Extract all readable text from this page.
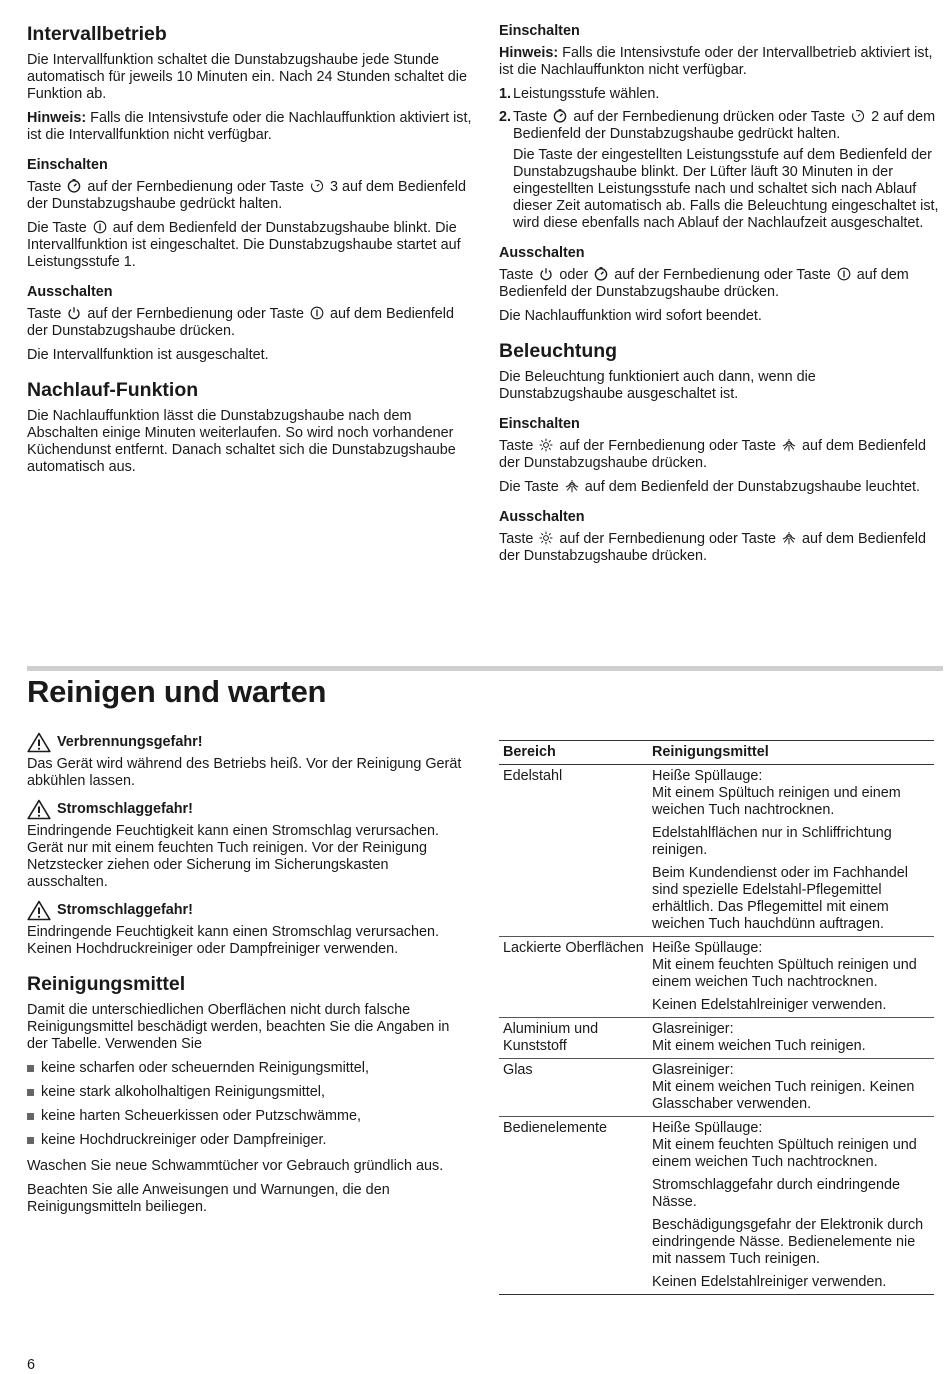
Intervallbetrieb

Die Intervallfunktion schaltet die Dunstabzugshaube jede Stunde automatisch für jeweils 10 Minuten ein. Nach 24 Stunden schaltet die Funktion ab.

Hinweis: Falls die Intensivstufe oder die Nachlauffunktion aktiviert ist, ist die Intervallfunktion nicht verfügbar.

Einschalten

Taste auf der Fernbedienung oder Taste 3 auf dem Bedienfeld der Dunstabzugshaube gedrückt halten.

Die Taste auf dem Bedienfeld der Dunstabzugshaube blinkt. Die Intervallfunktion ist eingeschaltet. Die Dunstabzugshaube startet auf Leistungsstufe 1.

Ausschalten

Taste auf der Fernbedienung oder Taste auf dem Bedienfeld der Dunstabzugshaube drücken.

Die Intervallfunktion ist ausgeschaltet.

Nachlauf-Funktion

Die Nachlauffunktion lässt die Dunstabzugshaube nach dem Abschalten einige Minuten weiterlaufen. So wird noch vorhandener Küchendunst entfernt. Danach schaltet sich die Dunstabzugshaube automatisch aus.

Einschalten

Hinweis: Falls die Intensivstufe oder der Intervallbetrieb aktiviert ist, ist die Nachlauffunkton nicht verfügbar.

1. Leistungsstufe wählen.
2. Taste auf der Fernbedienung drücken oder Taste 2 auf dem Bedienfeld der Dunstabzugshaube gedrückt halten.

Die Taste der eingestellten Leistungsstufe auf dem Bedienfeld der Dunstabzugshaube blinkt. Der Lüfter läuft 30 Minuten in der eingestellten Leistungsstufe nach und schaltet sich nach Ablauf dieser Zeit automatisch ab. Falls die Beleuchtung eingeschaltet ist, wird diese ebenfalls nach Ablauf der Nachlaufzeit ausgeschaltet.

Ausschalten

Taste oder auf der Fernbedienung oder Taste auf dem Bedienfeld der Dunstabzugshaube drücken.

Die Nachlauffunktion wird sofort beendet.

Beleuchtung

Die Beleuchtung funktioniert auch dann, wenn die Dunstabzugshaube ausgeschaltet ist.

Einschalten

Taste auf der Fernbedienung oder Taste auf dem Bedienfeld der Dunstabzugshaube drücken.

Die Taste auf dem Bedienfeld der Dunstabzugshaube leuchtet.

Ausschalten

Taste auf der Fernbedienung oder Taste auf dem Bedienfeld der Dunstabzugshaube drücken.

Reinigen und warten
Verbrennungsgefahr!

Das Gerät wird während des Betriebs heiß. Vor der Reinigung Gerät abkühlen lassen.

Stromschlaggefahr!

Eindringende Feuchtigkeit kann einen Stromschlag verursachen. Gerät nur mit einem feuchten Tuch reinigen. Vor der Reinigung Netzstecker ziehen oder Sicherung im Sicherungskasten ausschalten.

Stromschlaggefahr!

Eindringende Feuchtigkeit kann einen Stromschlag verursachen. Keinen Hochdruckreiniger oder Dampfreiniger verwenden.

Reinigungsmittel

Damit die unterschiedlichen Oberflächen nicht durch falsche Reinigungsmittel beschädigt werden, beachten Sie die Angaben in der Tabelle. Verwenden Sie

keine scharfen oder scheuernden Reinigungsmittel,
keine stark alkoholhaltigen Reinigungsmittel,
keine harten Scheuerkissen oder Putzschwämme,
keine Hochdruckreiniger oder Dampfreiniger.

Waschen Sie neue Schwammtücher vor Gebrauch gründlich aus.

Beachten Sie alle Anweisungen und Warnungen, die den Reinigungsmitteln beiliegen.

Bereich	Reinigungsmittel
Edelstahl	Heiße Spüllauge:
Mit einem Spültuch reinigen und einem weichen Tuch nachtrocknen.

Edelstahlflächen nur in Schliffrichtung reinigen.

Beim Kundendienst oder im Fachhandel sind spezielle Edelstahl-Pflegemittel erhältlich. Das Pflegemittel mit einem weichen Tuch hauchdünn auftragen.

Lackierte Oberflächen	Heiße Spüllauge:
Mit einem feuchten Spültuch reinigen und einem weichen Tuch nachtrocknen.

Keinen Edelstahlreiniger verwenden.

Aluminium und Kunststoff	Glasreiniger:
Mit einem weichen Tuch reinigen.

Glas	Glasreiniger:
Mit einem weichen Tuch reinigen. Keinen Glasschaber verwenden.

Bedienelemente	Heiße Spüllauge:
Mit einem feuchten Spültuch reinigen und einem weichen Tuch nachtrocknen.

Stromschlaggefahr durch eindringende Nässe.

Beschädigungsgefahr der Elektronik durch eindringende Nässe. Bedienelemente nie mit nassem Tuch reinigen.

Keinen Edelstahlreiniger verwenden.

6
